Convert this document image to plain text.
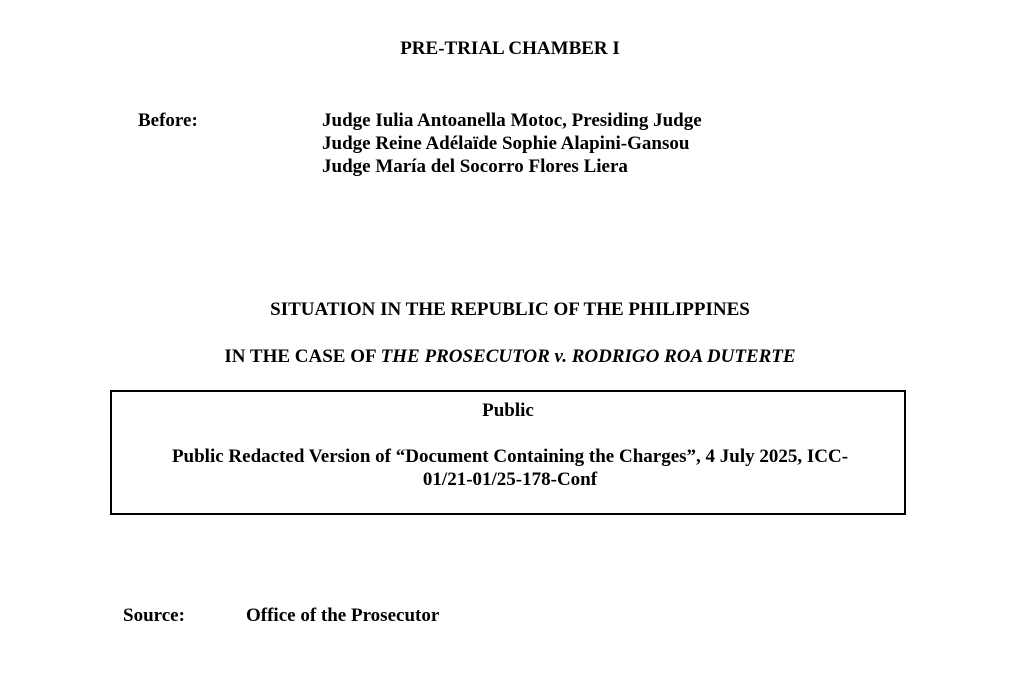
PRE-TRIAL CHAMBER I
Before:	Judge Iulia Antoanella Motoc, Presiding Judge
Judge Reine Adélaïde Sophie Alapini-Gansou
Judge María del Socorro Flores Liera
SITUATION IN THE REPUBLIC OF THE PHILIPPINES
IN THE CASE OF THE PROSECUTOR v. RODRIGO ROA DUTERTE
Public
Public Redacted Version of “Document Containing the Charges”, 4 July 2025, ICC-
01/21-01/25-178-Conf
Source:	Office of the Prosecutor
